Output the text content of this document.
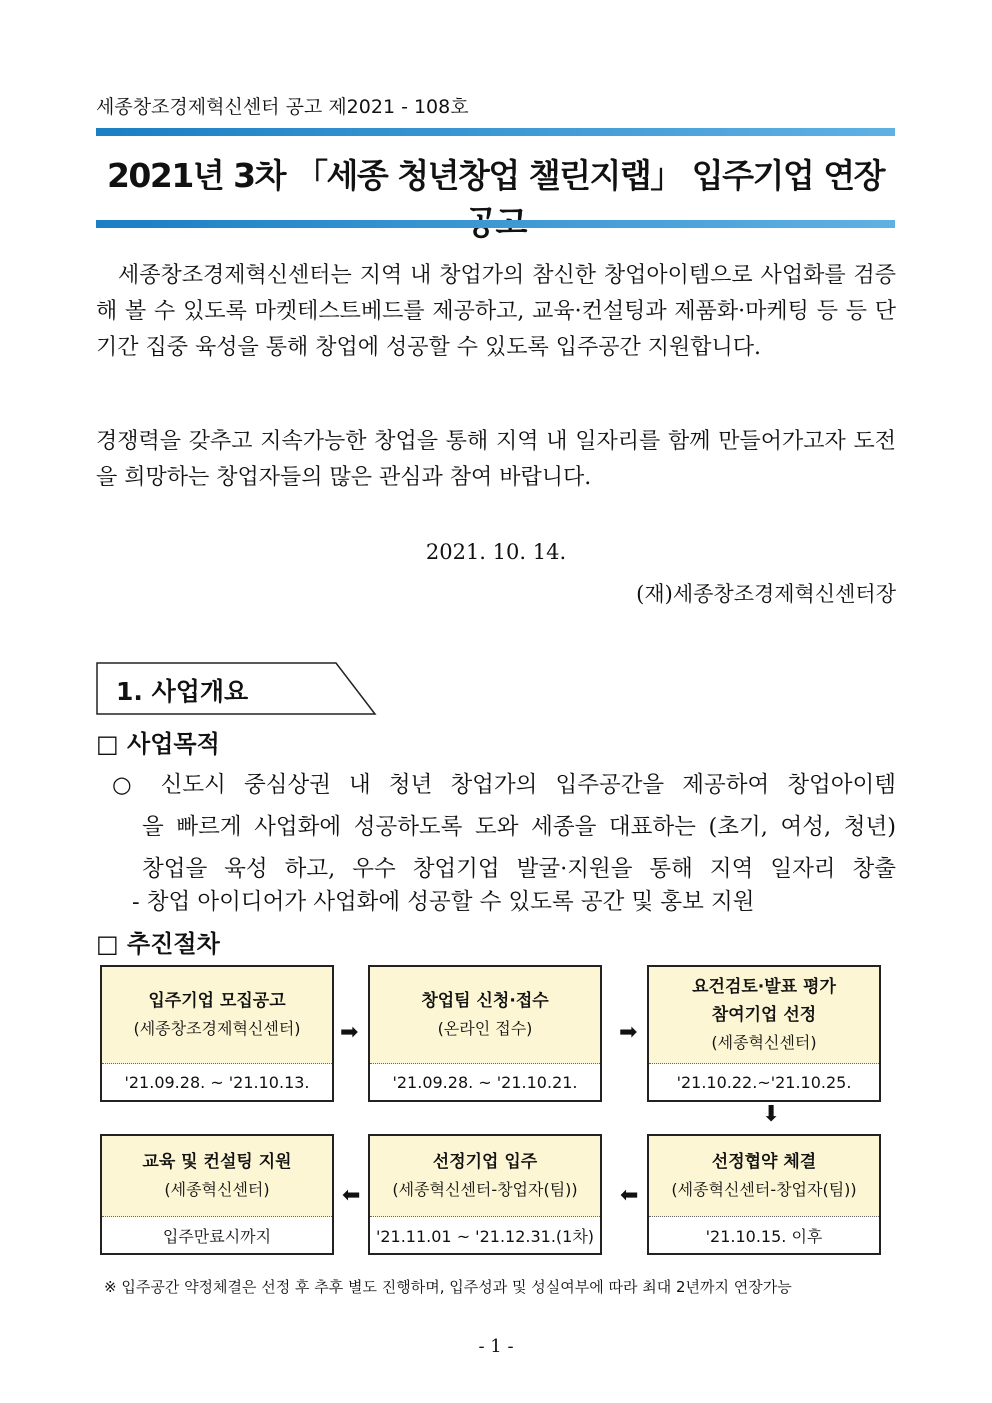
세종창조경제혁신센터 공고 제2021 - 108호
2021년 3차 「세종 청년창업 챌린지랩」 입주기업 연장
세종창조경제혁신센터는 지역 내 창업가의 참신한 창업아이템으로 사업화를 검증해 볼 수 있도록 마켓테스트베드를 제공하고, 교육·컨설팅과 제품화·마케팅 등 등 단기간 집중 육성을 통해 창업에 성공할 수 있도록 입주공간 지원합니다.
경쟁력을 갖추고 지속가능한 창업을 통해 지역 내 일자리를 함께 만들어가고자 도전을 희망하는 창업자들의 많은 관심과 참여 바랍니다.
2021. 10. 14.
(재)세종창조경제혁신센터장
1. 사업개요
□ 사업목적
○ 신도시 중심상권 내 청년 창업가의 입주공간을 제공하여 창업아이템
을 빠르게 사업화에 성공하도록 도와 세종을 대표하는 (초기, 여성, 청년)
창업을 육성 하고, 우수 창업기업 발굴·지원을 통해 지역 일자리 창출
- 창업 아이디어가 사업화에 성공할 수 있도록 공간 및 홍보 지원
□ 추진절차
입주기업 모집공고
(세종창조경제혁신센터)
'21.09.28. ~ '21.10.13.
➡
창업팀 신청·접수
(온라인 접수)
'21.09.28. ~ '21.10.21.
➡
요건검토·발표 평가
참여기업 선정
(세종혁신센터)
'21.10.22.~'21.10.25.
⬇
교육 및 컨설팅 지원
(세종혁신센터)
입주만료시까지
⬅
선정기업 입주
(세종혁신센터-창업자(팀))
'21.11.01 ~ '21.12.31.(1차)
⬅
선정협약 체결
(세종혁신센터-창업자(팀))
'21.10.15. 이후
※ 입주공간 약정체결은 선정 후 추후 별도 진행하며, 입주성과 및 성실여부에 따라 최대 2년까지 연장가능
- 1 -
